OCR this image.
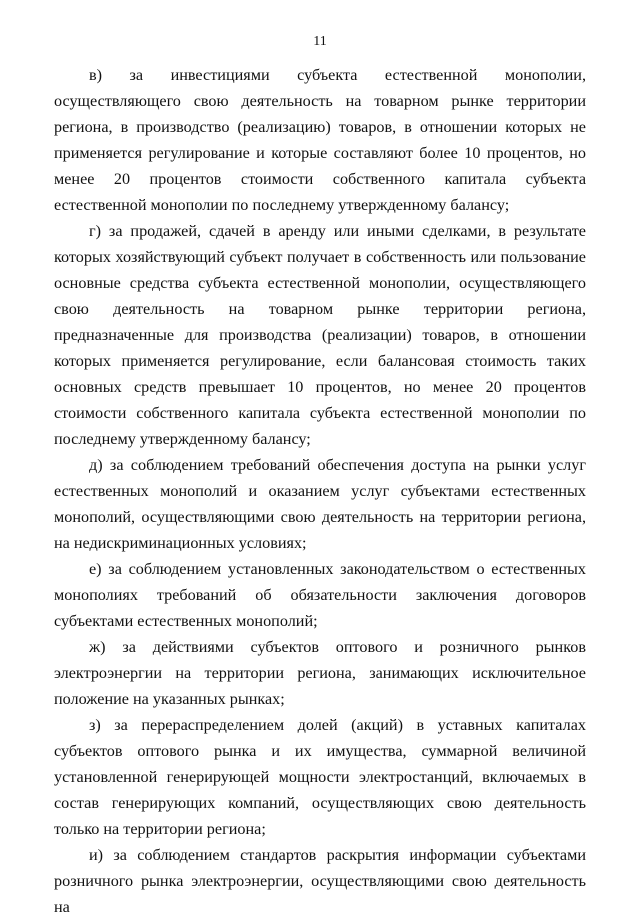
11

в) за инвестициями субъекта естественной монополии, осуществляющего свою деятельность на товарном рынке территории региона, в производство (реализацию) товаров, в отношении которых не применяется регулирование и которые составляют более 10 процентов, но менее 20 процентов стоимости собственного капитала субъекта естественной монополии по последнему утвержденному балансу;

г) за продажей, сдачей в аренду или иными сделками, в результате которых хозяйствующий субъект получает в собственность или пользование основные средства субъекта естественной монополии, осуществляющего свою деятельность на товарном рынке территории региона, предназначенные для производства (реализации) товаров, в отношении которых применяется регулирование, если балансовая стоимость таких основных средств превышает 10 процентов, но менее 20 процентов стоимости собственного капитала субъекта естественной монополии по последнему утвержденному балансу;

д) за соблюдением требований обеспечения доступа на рынки услуг естественных монополий и оказанием услуг субъектами естественных монополий, осуществляющими свою деятельность на территории региона, на недискриминационных условиях;

е) за соблюдением установленных законодательством о естественных монополиях требований об обязательности заключения договоров субъектами естественных монополий;

ж) за действиями субъектов оптового и розничного рынков электроэнергии на территории региона, занимающих исключительное положение на указанных рынках;

з) за перераспределением долей (акций) в уставных капиталах субъектов оптового рынка и их имущества, суммарной величиной установленной генерирующей мощности электростанций, включаемых в состав генерирующих компаний, осуществляющих свою деятельность только на территории региона;

и) за соблюдением стандартов раскрытия информации субъектами розничного рынка электроэнергии, осуществляющими свою деятельность на
